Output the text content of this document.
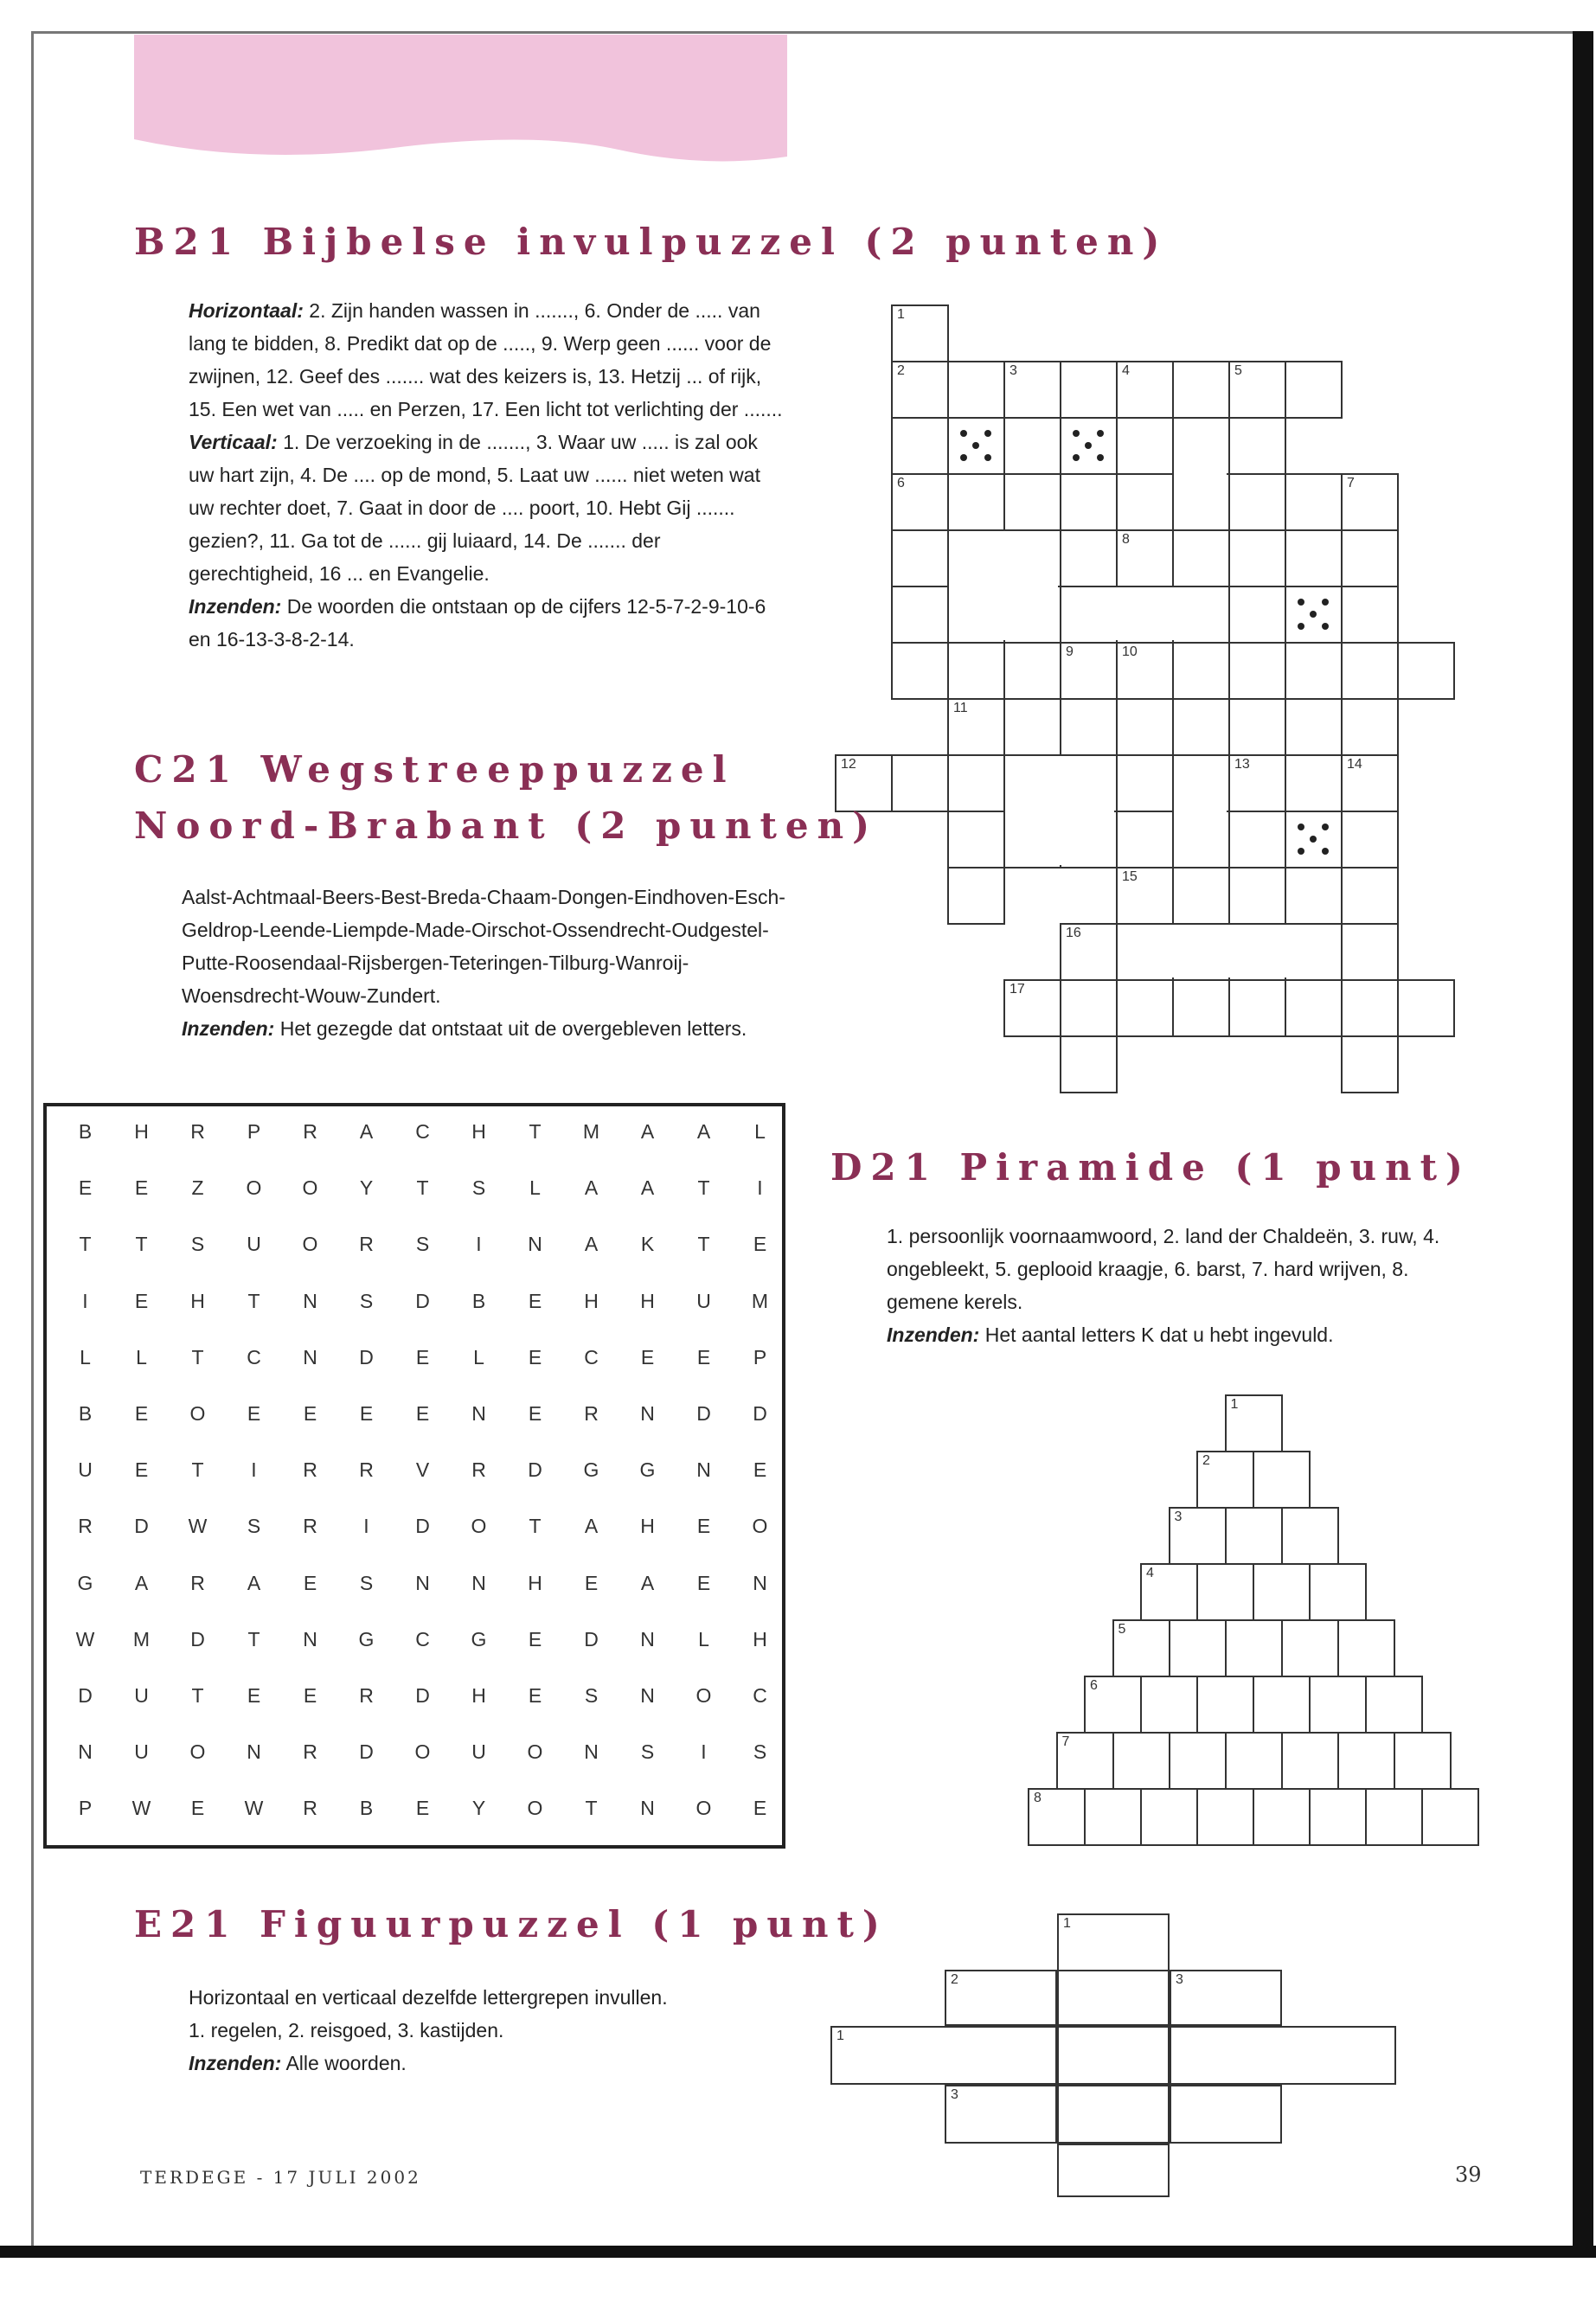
B21 Bijbelse invulpuzzel (2 punten)

Horizontaal: 2. Zijn handen wassen in ......., 6. Onder de ..... van lang te bidden, 8. Predikt dat op de ....., 9. Werp geen ...... voor de zwijnen, 12. Geef des ....... wat des keizers is, 13. Hetzij ... of rijk, 15. Een wet van ..... en Perzen, 17. Een licht tot verlichting der .......

Verticaal: 1. De verzoeking in de ......., 3. Waar uw ..... is zal ook uw hart zijn, 4. De .... op de mond, 5. Laat uw ...... niet weten wat uw rechter doet, 7. Gaat in door de .... poort, 10. Hebt Gij ....... gezien?, 11. Ga tot de ...... gij luiaard, 14. De ....... der gerechtigheid, 16 ... en Evangelie.

Inzenden: De woorden die ontstaan op de cijfers 12-5-7-2-9-10-6 en 16-13-3-8-2-14.

1
2	3	4	5
6	7
8
9	10
11
12	13	14
15
16
17
C21 Wegstreeppuzzel
Noord-Brabant (2 punten)

Aalst-Achtmaal-Beers-Best-Breda-Chaam-Dongen-Eindhoven-Esch-Geldrop-Leende-Liempde-Made-Oirschot-Ossendrecht-Oudgestel-Putte-Roosendaal-Rijsbergen-Teteringen-Tilburg-Wanroij-Woensdrecht-Wouw-Zundert.

Inzenden: Het gezegde dat ontstaat uit de overgebleven letters.

B	H	R	P	R	A	C	H	T	M	A	A	L
E	E	Z	O	O	Y	T	S	L	A	A	T	I
T	T	S	U	O	R	S	I	N	A	K	T	E
I	E	H	T	N	S	D	B	E	H	H	U	M
L	L	T	C	N	D	E	L	E	C	E	E	P
B	E	O	E	E	E	E	N	E	R	N	D	D
U	E	T	I	R	R	V	R	D	G	G	N	E
R	D	W	S	R	I	D	O	T	A	H	E	O
G	A	R	A	E	S	N	N	H	E	A	E	N
W	M	D	T	N	G	C	G	E	D	N	L	H
D	U	T	E	E	R	D	H	E	S	N	O	C
N	U	O	N	R	D	O	U	O	N	S	I	S
P	W	E	W	R	B	E	Y	O	T	N	O	E
D21 Piramide (1 punt)

1. persoonlijk voornaamwoord, 2. land der Chaldeën, 3. ruw, 4. ongebleekt, 5. geplooid kraagje, 6. barst, 7. hard wrijven, 8. gemene kerels.

Inzenden: Het aantal letters K dat u hebt ingevuld.

1
2
3
4
5
6
7
8
E21 Figuurpuzzel (1 punt)

Horizontaal en verticaal dezelfde lettergrepen invullen.

1. regelen, 2. reisgoed, 3. kastijden.

Inzenden: Alle woorden.

1
2	3
1
3
TERDEGE - 17 JULI 2002	39
